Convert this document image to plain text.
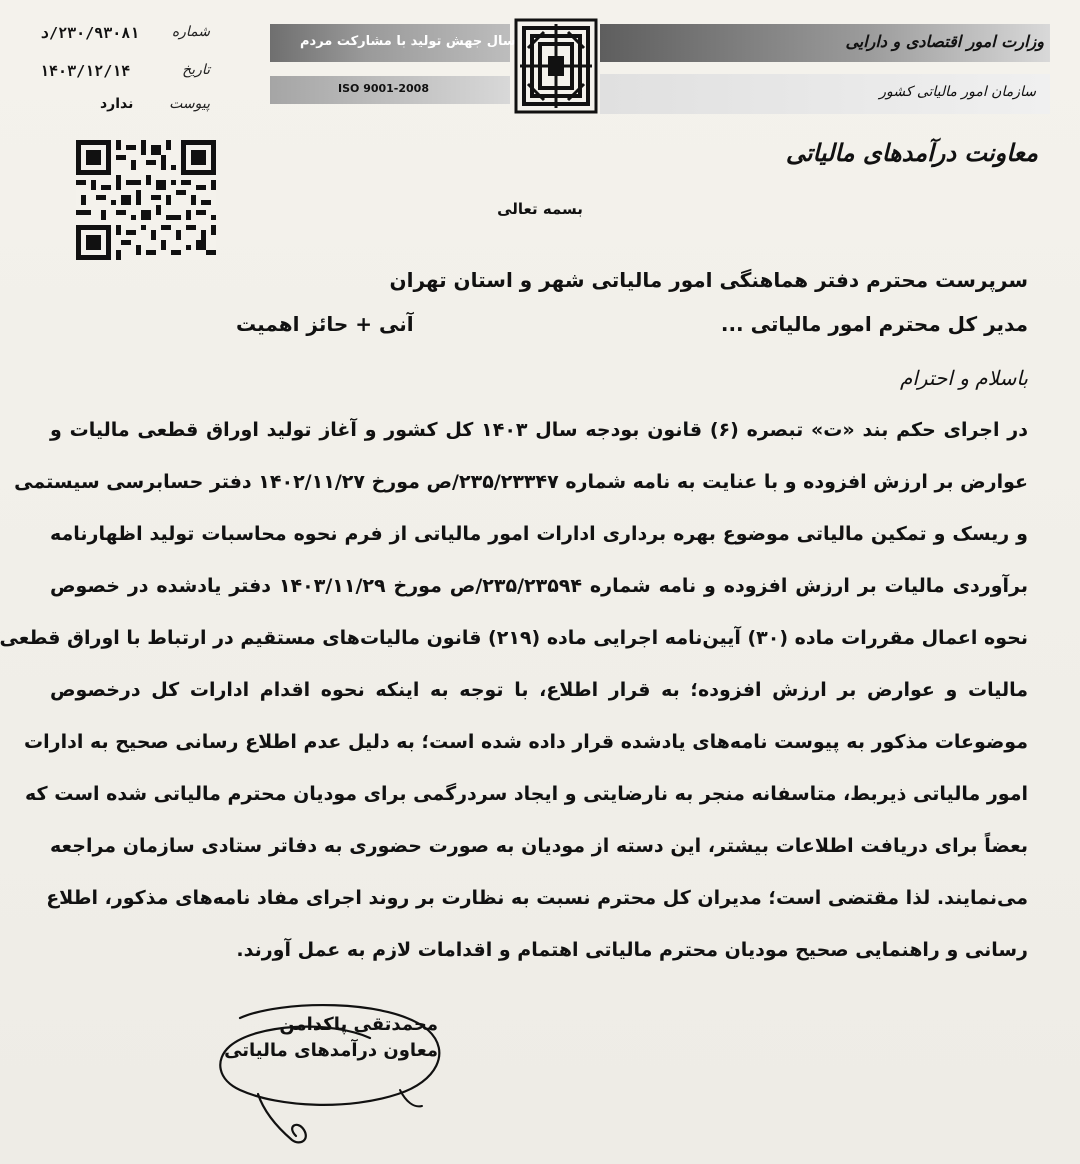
شماره
۲۳۰/۹۳۰۸۱/د
تاریخ
۱۴۰۳/۱۲/۱۴
پیوست
ندارد
سال جهش تولید با مشارکت مردم
ISO 9001-2008
وزارت امور اقتصادی و دارایی
سازمان امور مالیاتی کشور
معاونت درآمدهای مالیاتی
بسمه تعالی
سرپرست محترم دفتر هماهنگی امور مالیاتی شهر و استان تهران
مدیر کل محترم امور مالیاتی ...
آنی + حائز اهمیت
باسلام و احترام
در اجرای حکم بند «ت» تبصره (۶) قانون بودجه سال ۱۴۰۳ کل کشور و آغاز تولید اوراق قطعی مالیات و
عوارض بر ارزش افزوده و با عنایت به نامه شماره ۲۳۵/۲۳۳۴۷/ص مورخ ۱۴۰۲/۱۱/۲۷ دفتر حسابرسی سیستمی
و ریسک و تمکین مالیاتی موضوع بهره برداری ادارات امور مالیاتی از فرم نحوه محاسبات تولید اظهارنامه
برآوردی مالیات بر ارزش افزوده و نامه شماره ۲۳۵/۲۳۵۹۴/ص مورخ ۱۴۰۳/۱۱/۲۹ دفتر یادشده در خصوص
نحوه اعمال مقررات ماده (۳۰) آیین‌نامه اجرایی ماده (۲۱۹) قانون مالیات‌های مستقیم در ارتباط با اوراق قطعی
مالیات و عوارض بر ارزش افزوده؛ به قرار اطلاع، با توجه به اینکه نحوه اقدام ادارات کل درخصوص
موضوعات مذکور به پیوست نامه‌های یادشده قرار داده شده است؛ به دلیل عدم اطلاع رسانی صحیح به ادارات
امور مالیاتی ذیربط، متاسفانه منجر به نارضایتی و ایجاد سردرگمی برای مودیان محترم مالیاتی شده است که
بعضاً برای دریافت اطلاعات بیشتر، این دسته از مودیان به صورت حضوری به دفاتر ستادی سازمان مراجعه
می‌نمایند. لذا مقتضی است؛ مدیران کل محترم نسبت به نظارت بر روند اجرای مفاد نامه‌های مذکور، اطلاع
رسانی و راهنمایی صحیح مودیان محترم مالیاتی اهتمام و اقدامات لازم به عمل آورند.
محمدتقی پاکدامن
معاون درآمدهای مالیاتی
